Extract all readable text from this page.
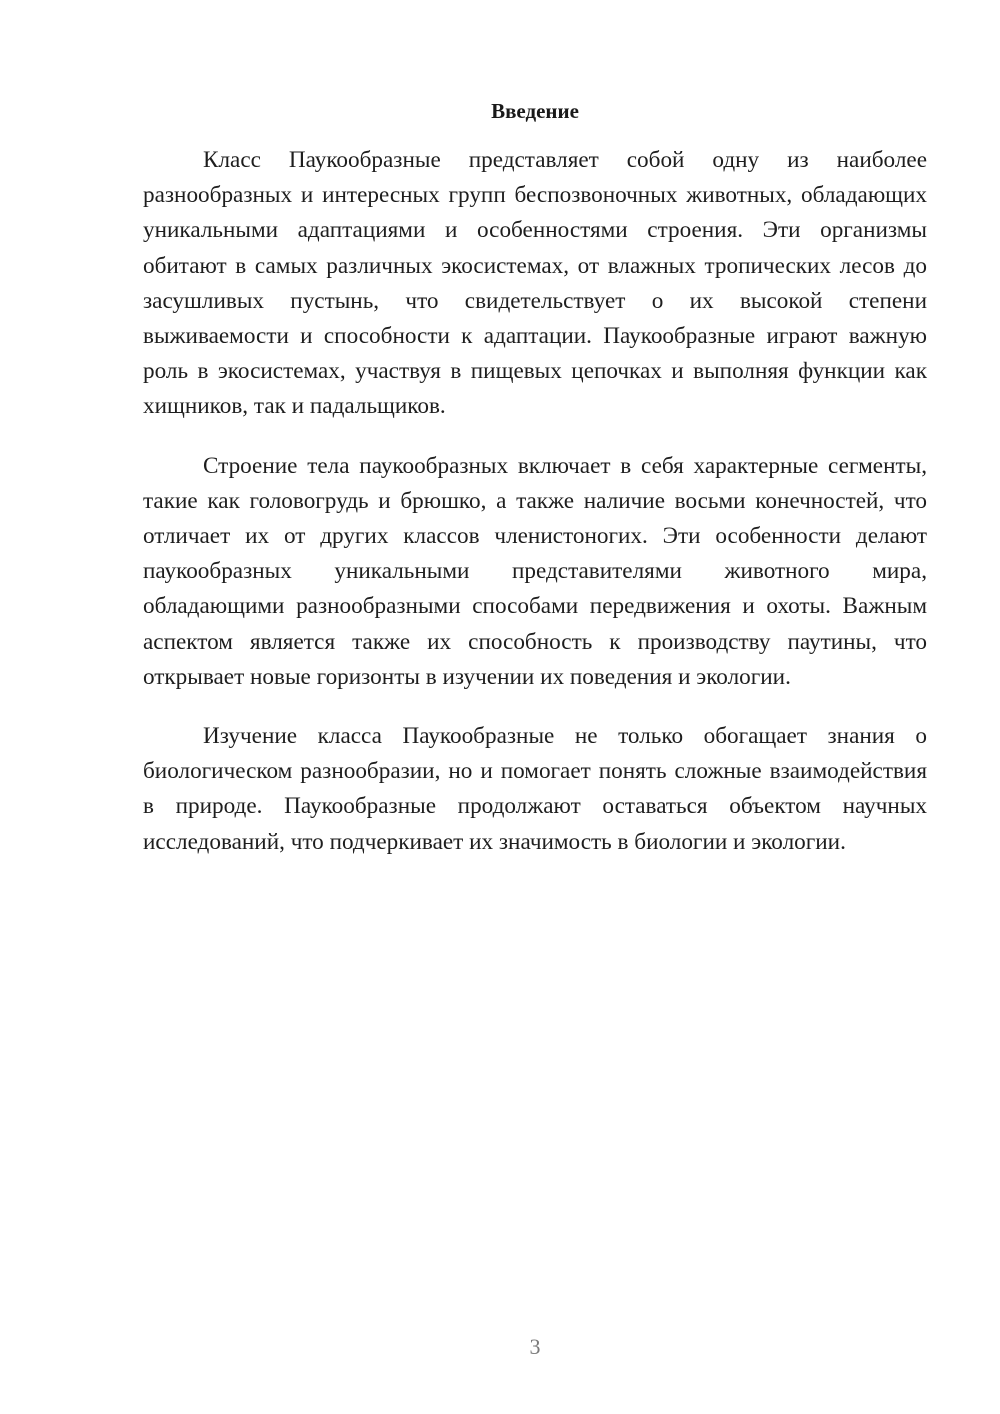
Введение

Класс Паукообразные представляет собой одну из наиболее разнообразных и интересных групп беспозвоночных животных, обладающих уникальными адаптациями и особенностями строения. Эти организмы обитают в самых различных экосистемах, от влажных тропических лесов до засушливых пустынь, что свидетельствует о их высокой степени выживаемости и способности к адаптации. Паукообразные играют важную роль в экосистемах, участвуя в пищевых цепочках и выполняя функции как хищников, так и падальщиков.

Строение тела паукообразных включает в себя характерные сегменты, такие как головогрудь и брюшко, а также наличие восьми конечностей, что отличает их от других классов членистоногих. Эти особенности делают паукообразных уникальными представителями животного мира, обладающими разнообразными способами передвижения и охоты. Важным аспектом является также их способность к производству паутины, что открывает новые горизонты в изучении их поведения и экологии.

Изучение класса Паукообразные не только обогащает знания о биологическом разнообразии, но и помогает понять сложные взаимодействия в природе. Паукообразные продолжают оставаться объектом научных исследований, что подчеркивает их значимость в биологии и экологии.

3
